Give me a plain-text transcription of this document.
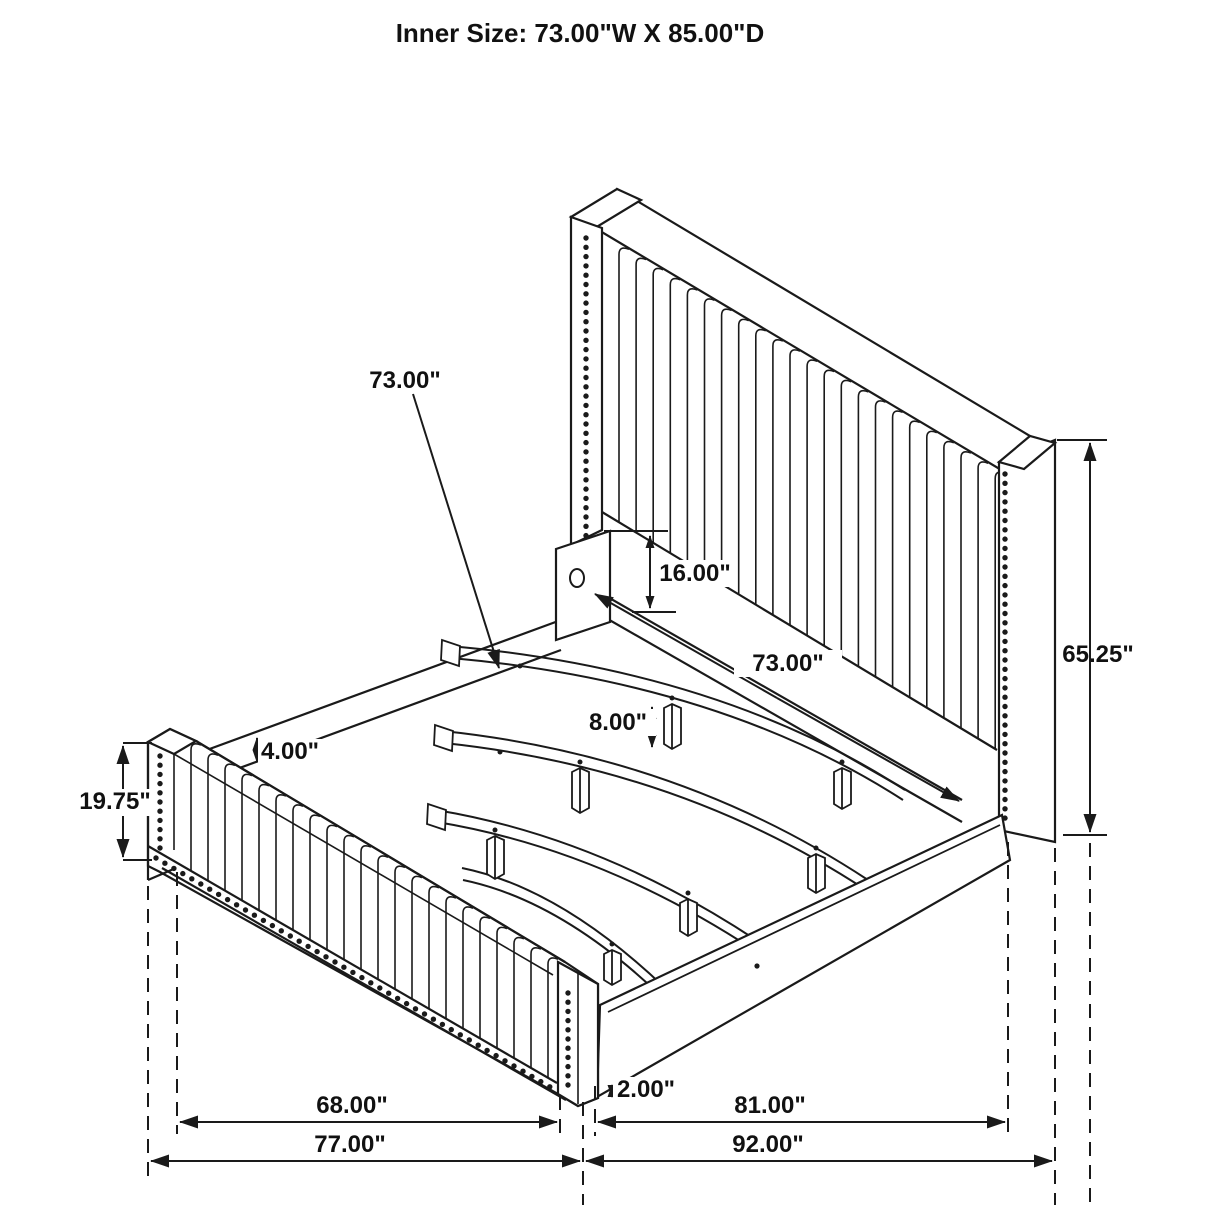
Inner Size: 73.00"W X 85.00"D
73.00"
16.00"
73.00"
8.00"
4.00"
19.75"
65.25"
2.00"
68.00"
77.00"
81.00"
92.00"
